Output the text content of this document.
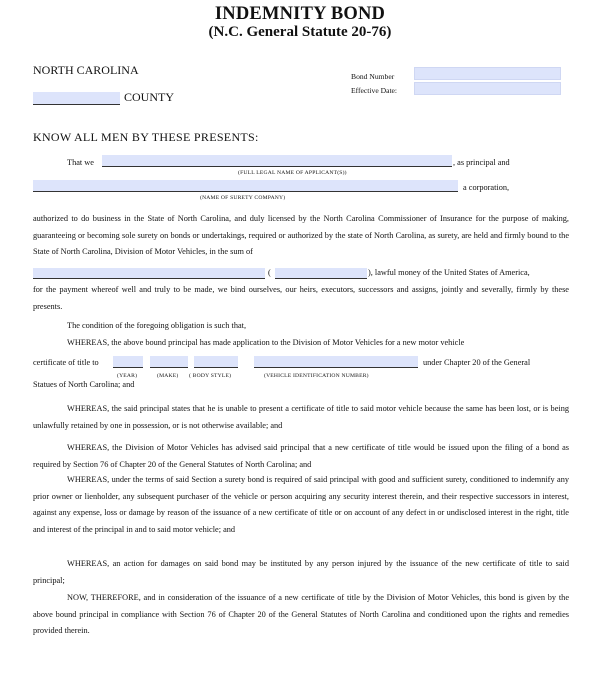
INDEMNITY BOND
(N.C. General Statute 20-76)
NORTH CAROLINA	Bond Number
Effective Date:
COUNTY
KNOW ALL MEN BY THESE PRESENTS:
That we	, as principal and
(FULL LEGAL NAME OF APPLICANT(S))
a corporation,
(NAME OF SURETY COMPANY)
authorized to do business in the State of North Carolina, and duly licensed by the North Carolina Commissioner of Insurance for the purpose of making, guaranteeing or becoming sole surety on bonds or undertakings, required or authorized by the state of North Carolina, as surety, are held and firmly bound to the State of North Carolina, Division of Motor Vehicles, in the sum of
(	), lawful money of the United States of America,
for the payment whereof well and truly to be made, we bind ourselves, our heirs, executors, successors and assigns, jointly and severally, firmly by these presents.
The condition of the foregoing obligation is such that,
WHEREAS, the above bound principal has made application to the Division of Motor Vehicles for a new motor vehicle
certificate of title to	under Chapter 20 of the General
(YEAR)	(MAKE) ( BODY STYLE)	(VEHICLE IDENTIFICATION NUMBER)
Statues of North Carolina; and
WHEREAS, the said principal states that he is unable to present a certificate of title to said motor vehicle because the same has been lost, or is being unlawfully retained by one in possession, or is not otherwise available; and
WHEREAS, the Division of Motor Vehicles has advised said principal that a new certificate of title would be issued upon the filing of a bond as required by Section 76 of Chapter 20 of the General Statutes of North Carolina; and
WHEREAS, under the terms of said Section a surety bond is required of said principal with good and sufficient surety, conditioned to indemnify any prior owner or lienholder, any subsequent purchaser of the vehicle or person acquiring any security interest therein, and their respective successors in interest, against any expense, loss or damage by reason of the issuance of a new certificate of title or on account of any defect in or undisclosed interest in the right, title and interest of the principal in and to said motor vehicle; and
WHEREAS, an action for damages on said bond may be instituted by any person injured by the issuance of the new certificate of title to said principal;
NOW, THEREFORE, and in consideration of the issuance of a new certificate of title by the Division of Motor Vehicles, this bond is given by the above bound principal in compliance with Section 76 of Chapter 20 of the General Statutes of North Carolina and conditioned upon the rights and remedies provided therein.
